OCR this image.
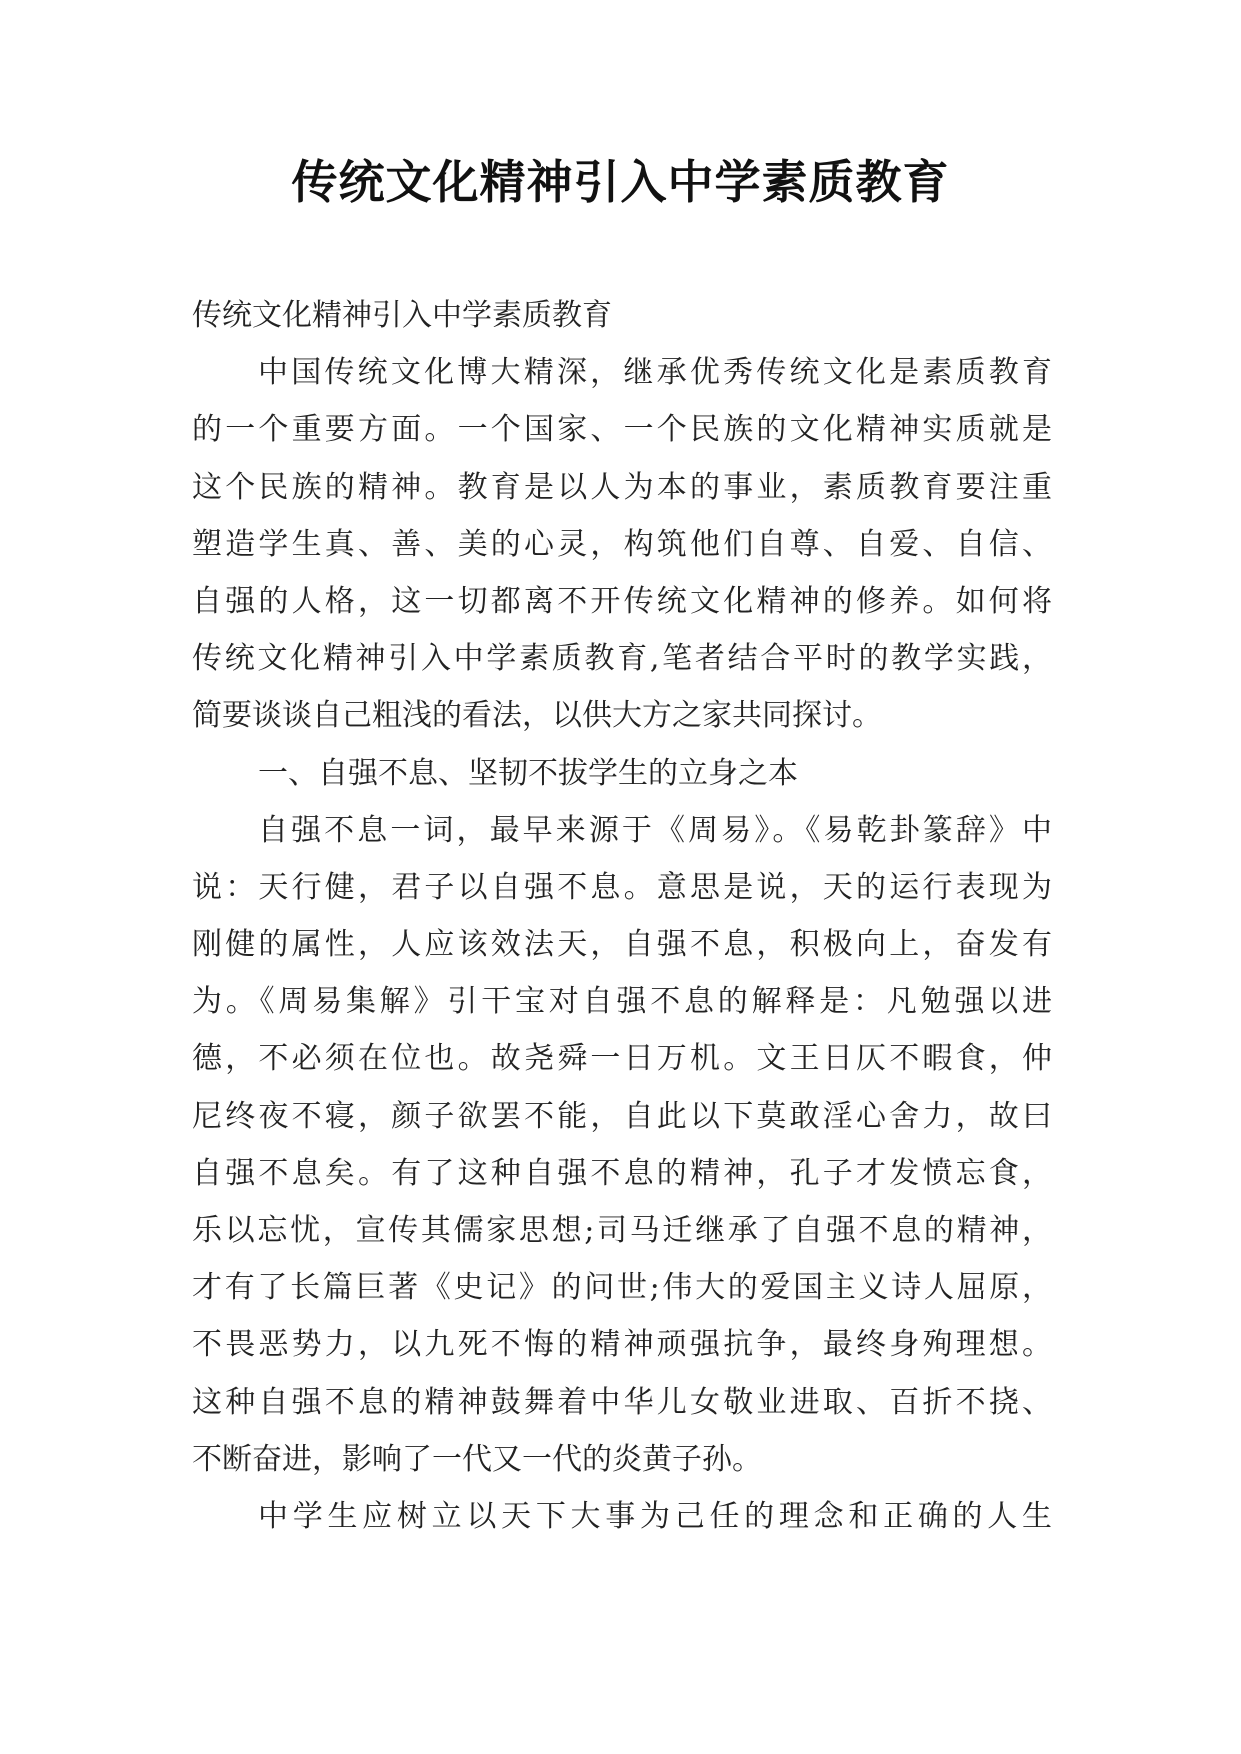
传统文化精神引入中学素质教育
传统文化精神引入中学素质教育
中国传统文化博大精深，继承优秀传统文化是素质教育
的一个重要方面。一个国家、一个民族的文化精神实质就是
这个民族的精神。教育是以人为本的事业，素质教育要注重
塑造学生真、善、美的心灵，构筑他们自尊、自爱、自信、
自强的人格，这一切都离不开传统文化精神的修养。如何将
传统文化精神引入中学素质教育,笔者结合平时的教学实践，
简要谈谈自己粗浅的看法，以供大方之家共同探讨。
一、自强不息、坚韧不拔学生的立身之本
自强不息一词，最早来源于《周易》。《易乾卦篆辞》中
说：天行健，君子以自强不息。意思是说，天的运行表现为
刚健的属性，人应该效法天，自强不息，积极向上，奋发有
为。《周易集解》引干宝对自强不息的解释是：凡勉强以进
德，不必须在位也。故尧舜一日万机。文王日仄不暇食，仲
尼终夜不寝，颜子欲罢不能，自此以下莫敢淫心舍力，故曰
自强不息矣。有了这种自强不息的精神，孔子才发愤忘食，
乐以忘忧，宣传其儒家思想;司马迁继承了自强不息的精神，
才有了长篇巨著《史记》的问世;伟大的爱国主义诗人屈原，
不畏恶势力，以九死不悔的精神顽强抗争，最终身殉理想。
这种自强不息的精神鼓舞着中华儿女敬业进取、百折不挠、
不断奋进，影响了一代又一代的炎黄子孙。
中学生应树立以天下大事为己任的理念和正确的人生
